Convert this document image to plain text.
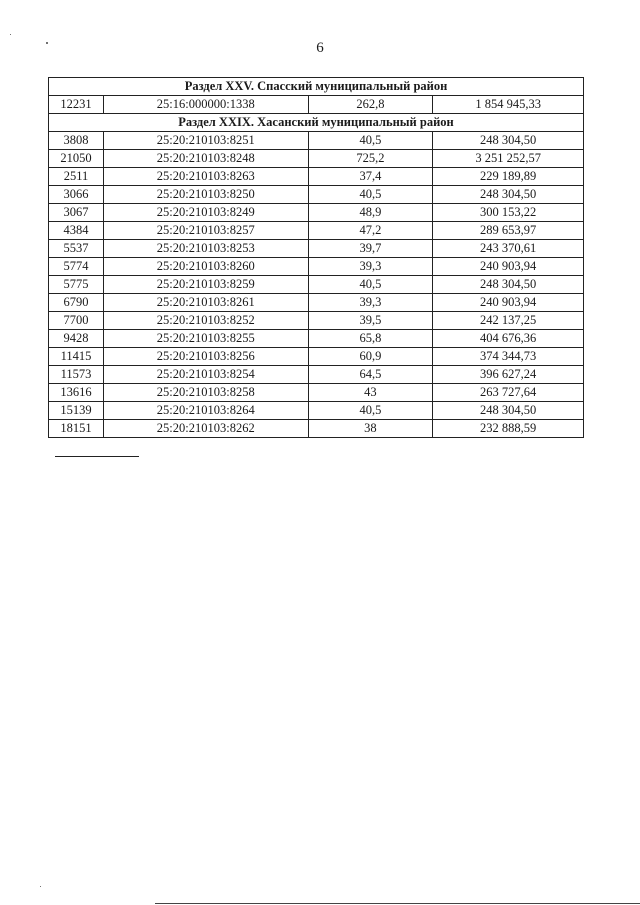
6
Раздел XXV. Спасский муниципальный район			
12231	25:16:000000:1338	262,8	1 854 945,33
Раздел XXIX. Хасанский муниципальный район			
3808	25:20:210103:8251	40,5	248 304,50
21050	25:20:210103:8248	725,2	3 251 252,57
2511	25:20:210103:8263	37,4	229 189,89
3066	25:20:210103:8250	40,5	248 304,50
3067	25:20:210103:8249	48,9	300 153,22
4384	25:20:210103:8257	47,2	289 653,97
5537	25:20:210103:8253	39,7	243 370,61
5774	25:20:210103:8260	39,3	240 903,94
5775	25:20:210103:8259	40,5	248 304,50
6790	25:20:210103:8261	39,3	240 903,94
7700	25:20:210103:8252	39,5	242 137,25
9428	25:20:210103:8255	65,8	404 676,36
11415	25:20:210103:8256	60,9	374 344,73
11573	25:20:210103:8254	64,5	396 627,24
13616	25:20:210103:8258	43	263 727,64
15139	25:20:210103:8264	40,5	248 304,50
18151	25:20:210103:8262	38	232 888,59
